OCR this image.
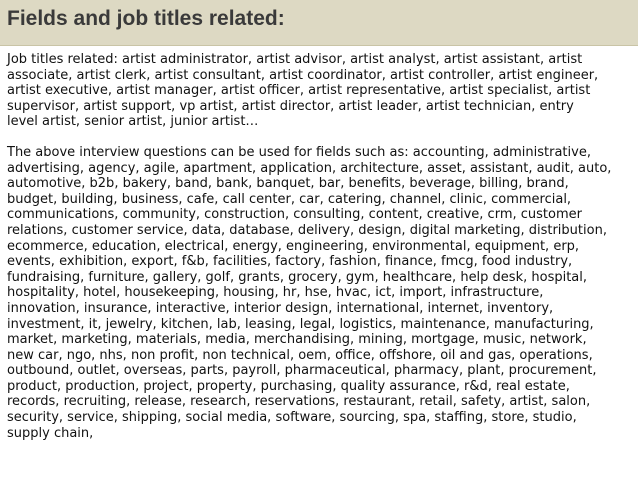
Fields and job titles related:
Job titles related: artist administrator, artist advisor, artist analyst, artist assistant, artist
associate, artist clerk, artist consultant, artist coordinator, artist controller, artist engineer,
artist executive, artist manager, artist officer, artist representative, artist specialist, artist
supervisor, artist support, vp artist, artist director, artist leader, artist technician, entry
level artist, senior artist, junior artist…
The above interview questions can be used for fields such as: accounting, administrative,
advertising, agency, agile, apartment, application, architecture, asset, assistant, audit, auto,
automotive, b2b, bakery, band, bank, banquet, bar, benefits, beverage, billing, brand,
budget, building, business, cafe, call center, car, catering, channel, clinic, commercial,
communications, community, construction, consulting, content, creative, crm, customer
relations, customer service, data, database, delivery, design, digital marketing, distribution,
ecommerce, education, electrical, energy, engineering, environmental, equipment, erp,
events, exhibition, export, f&b, facilities, factory, fashion, finance, fmcg, food industry,
fundraising, furniture, gallery, golf, grants, grocery, gym, healthcare, help desk, hospital,
hospitality, hotel, housekeeping, housing, hr, hse, hvac, ict, import, infrastructure,
innovation, insurance, interactive, interior design, international, internet, inventory,
investment, it, jewelry, kitchen, lab, leasing, legal, logistics, maintenance, manufacturing,
market, marketing, materials, media, merchandising, mining, mortgage, music, network,
new car, ngo, nhs, non profit, non technical, oem, office, offshore, oil and gas, operations,
outbound, outlet, overseas, parts, payroll, pharmaceutical, pharmacy, plant, procurement,
product, production, project, property, purchasing, quality assurance, r&d, real estate,
records, recruiting, release, research, reservations, restaurant, retail, safety, artist, salon,
security, service, shipping, social media, software, sourcing, spa, staffing, store, studio,
supply chain,
